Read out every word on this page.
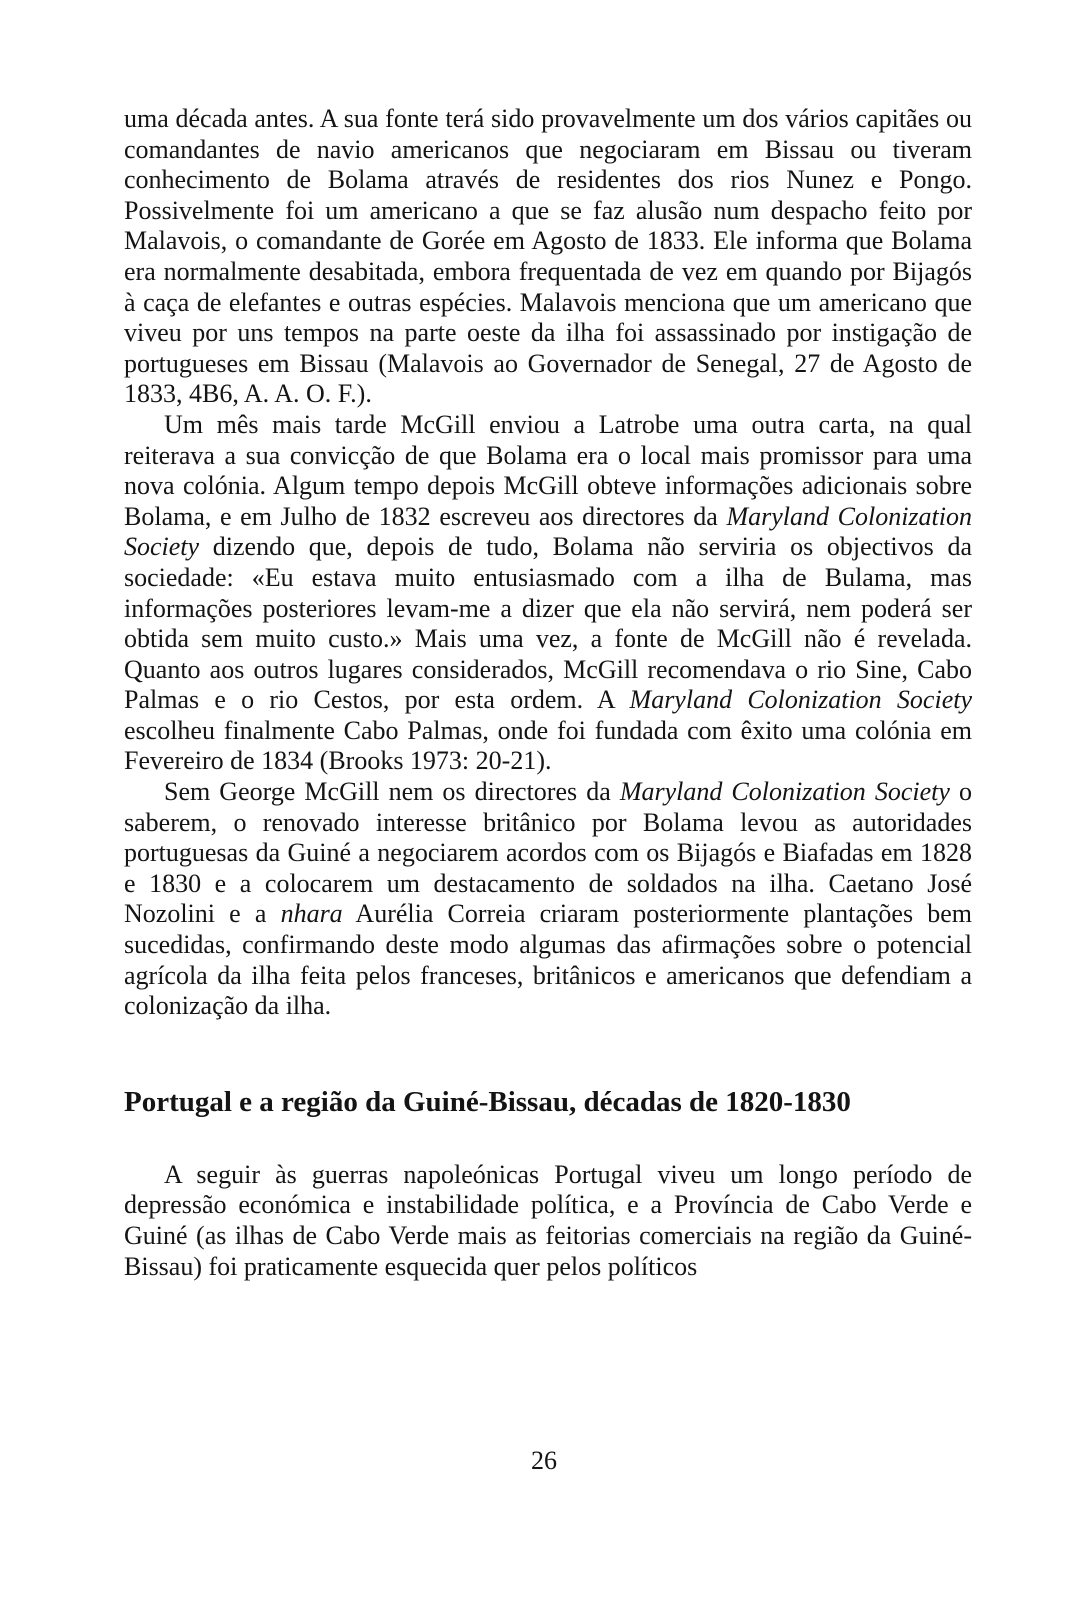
uma década antes. A sua fonte terá sido provavelmente um dos vários capitães ou comandantes de navio americanos que negociaram em Bissau ou tiveram conhecimento de Bolama através de residentes dos rios Nunez e Pongo. Possivelmente foi um americano a que se faz alusão num despacho feito por Malavois, o comandante de Gorée em Agosto de 1833. Ele informa que Bolama era normalmente desabitada, embora frequentada de vez em quando por Bijagós à caça de elefantes e outras espécies. Malavois menciona que um americano que viveu por uns tempos na parte oeste da ilha foi assassinado por instigação de portugueses em Bissau (Malavois ao Governador de Senegal, 27 de Agosto de 1833, 4B6, A. A. O. F.).

Um mês mais tarde McGill enviou a Latrobe uma outra carta, na qual reiterava a sua convicção de que Bolama era o local mais promissor para uma nova colónia. Algum tempo depois McGill obteve informações adicionais sobre Bolama, e em Julho de 1832 escreveu aos directores da Maryland Colonization Society dizendo que, depois de tudo, Bolama não serviria os objectivos da sociedade: «Eu estava muito entusiasmado com a ilha de Bulama, mas informações posteriores levam-me a dizer que ela não servirá, nem poderá ser obtida sem muito custo.» Mais uma vez, a fonte de McGill não é revelada. Quanto aos outros lugares considerados, McGill recomendava o rio Sine, Cabo Palmas e o rio Cestos, por esta ordem. A Maryland Colonization Society escolheu finalmente Cabo Palmas, onde foi fundada com êxito uma colónia em Fevereiro de 1834 (Brooks 1973: 20-21).

Sem George McGill nem os directores da Maryland Colonization Society o saberem, o renovado interesse britânico por Bolama levou as autoridades portuguesas da Guiné a negociarem acordos com os Bijagós e Biafadas em 1828 e 1830 e a colocarem um destacamento de soldados na ilha. Caetano José Nozolini e a nhara Aurélia Correia criaram posteriormente plantações bem sucedidas, confirmando deste modo algumas das afirmações sobre o potencial agrícola da ilha feita pelos franceses, britânicos e americanos que defendiam a colonização da ilha.

Portugal e a região da Guiné-Bissau, décadas de 1820-1830

A seguir às guerras napoleónicas Portugal viveu um longo período de depressão económica e instabilidade política, e a Província de Cabo Verde e Guiné (as ilhas de Cabo Verde mais as feitorias comerciais na região da Guiné-Bissau) foi praticamente esquecida quer pelos políticos

26
